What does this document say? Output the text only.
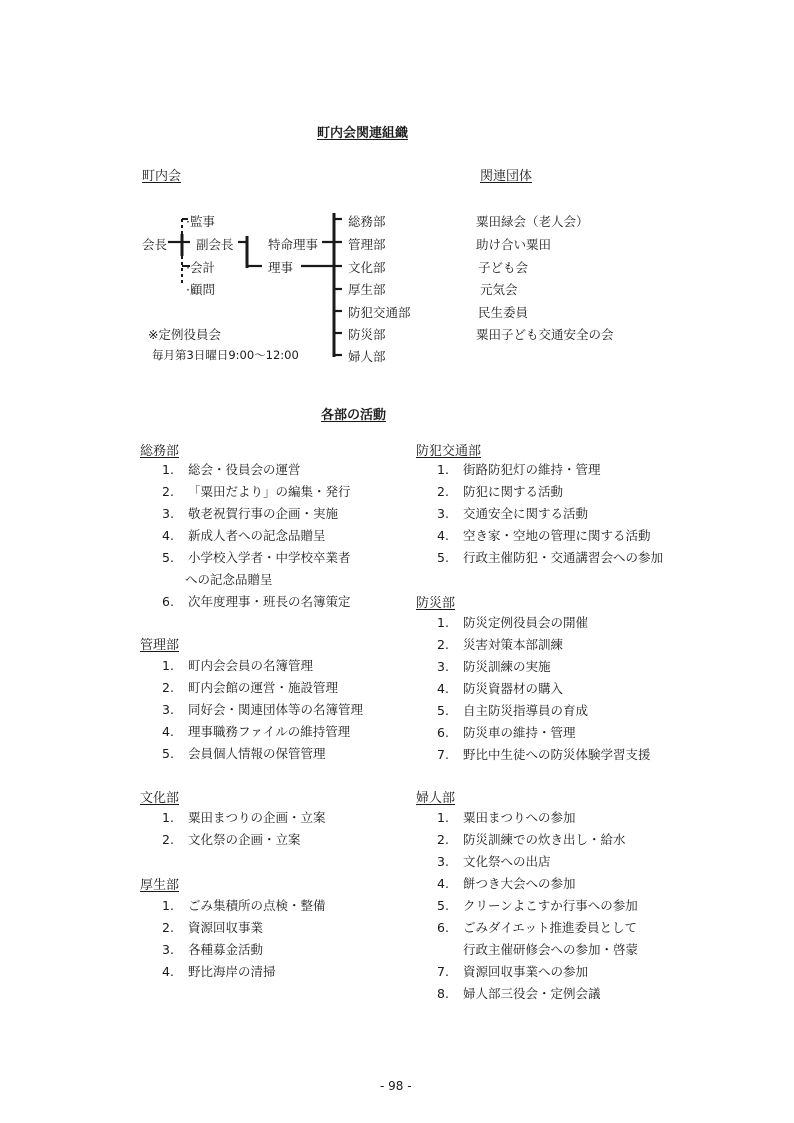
町内会関連組織
町内会	関連団体
会長
·監事
副会長
·会計
·顧問
特命理事
理事
総務部
管理部
文化部
厚生部
防犯交通部
防災部
婦人部
※定例役員会
毎月第3日曜日9:00～12:00
粟田緑会（老人会）
助け合い粟田
子ども会
元気会
民生委員
粟田子ども交通安全の会
各部の活動
総務部
1. 総会・役員会の運営
2. 「粟田だより」の編集・発行
3. 敬老祝賀行事の企画・実施
4. 新成人者への記念品贈呈
5. 小学校入学者・中学校卒業者
への記念品贈呈
6. 次年度理事・班長の名簿策定
管理部
1. 町内会会員の名簿管理
2. 町内会館の運営・施設管理
3. 同好会・関連団体等の名簿管理
4. 理事職務ファイルの維持管理
5. 会員個人情報の保管管理
文化部
1. 粟田まつりの企画・立案
2. 文化祭の企画・立案
厚生部
1. ごみ集積所の点検・整備
2. 資源回収事業
3. 各種募金活動
4. 野比海岸の清掃
防犯交通部
1. 街路防犯灯の維持・管理
2. 防犯に関する活動
3. 交通安全に関する活動
4. 空き家・空地の管理に関する活動
5. 行政主催防犯・交通講習会への参加
防災部
1. 防災定例役員会の開催
2. 災害対策本部訓練
3. 防災訓練の実施
4. 防災資器材の購入
5. 自主防災指導員の育成
6. 防災車の維持・管理
7. 野比中生徒への防災体験学習支援
婦人部
1. 粟田まつりへの参加
2. 防災訓練での炊き出し・給水
3. 文化祭への出店
4. 餅つき大会への参加
5. クリーンよこすか行事への参加
6. ごみダイエット推進委員として
行政主催研修会への参加・啓蒙
7. 資源回収事業への参加
8. 婦人部三役会・定例会議
- 98 -
